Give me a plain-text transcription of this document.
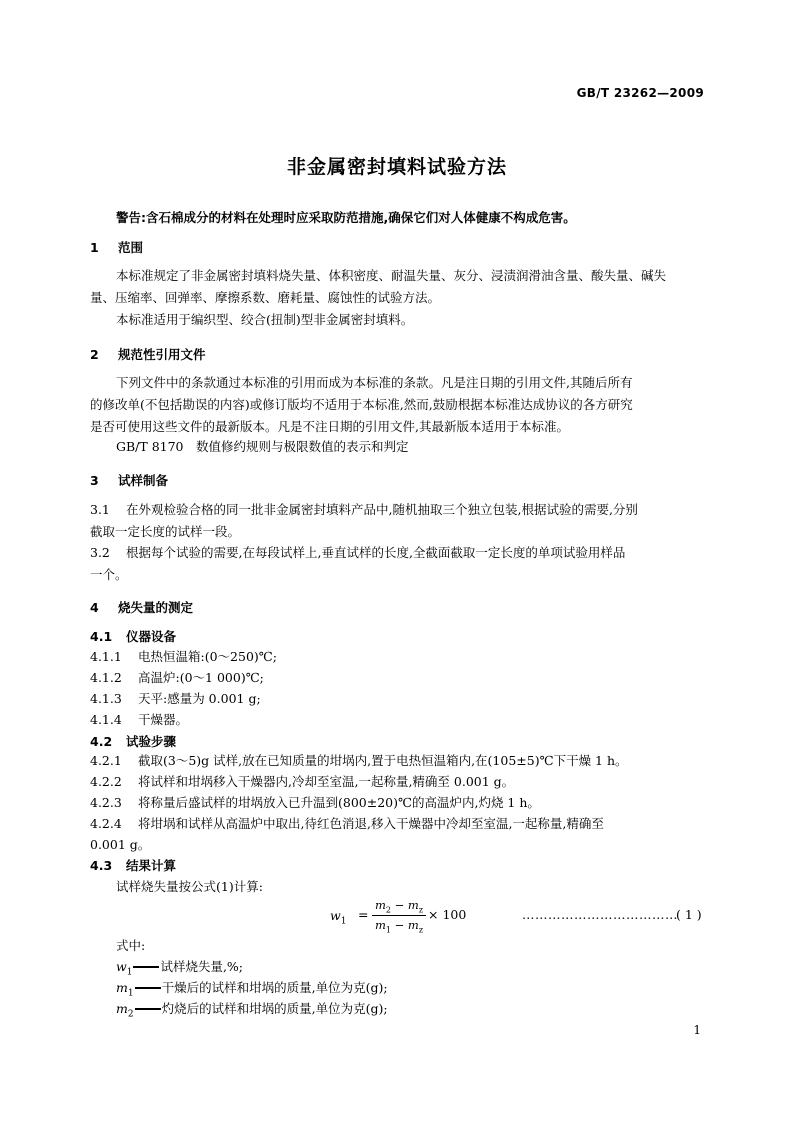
GB/T 23262—2009
非金属密封填料试验方法
警告:含石棉成分的材料在处理时应采取防范措施,确保它们对人体健康不构成危害。
1 范围
本标准规定了非金属密封填料烧失量、体积密度、耐温失量、灰分、浸渍润滑油含量、酸失量、碱失
量、压缩率、回弹率、摩擦系数、磨耗量、腐蚀性的试验方法。
本标准适用于编织型、绞合(扭制)型非金属密封填料。
2 规范性引用文件
下列文件中的条款通过本标准的引用而成为本标准的条款。凡是注日期的引用文件,其随后所有
的修改单(不包括勘误的内容)或修订版均不适用于本标准,然而,鼓励根据本标准达成协议的各方研究
是否可使用这些文件的最新版本。凡是不注日期的引用文件,其最新版本适用于本标准。
GB/T 8170　数值修约规则与极限数值的表示和判定
3 试样制备
3.1 在外观检验合格的同一批非金属密封填料产品中,随机抽取三个独立包装,根据试验的需要,分别
截取一定长度的试样一段。
3.2 根据每个试验的需要,在每段试样上,垂直试样的长度,全截面截取一定长度的单项试验用样品
一个。
4 烧失量的测定
4.1 仪器设备
4.1.1 电热恒温箱:(0～250)℃;
4.1.2 高温炉:(0～1 000)℃;
4.1.3 天平:感量为 0.001 g;
4.1.4 干燥器。
4.2 试验步骤
4.2.1 截取(3～5)g 试样,放在已知质量的坩埚内,置于电热恒温箱内,在(105±5)℃下干燥 1 h。
4.2.2 将试样和坩埚移入干燥器内,冷却至室温,一起称量,精确至 0.001 g。
4.2.3 将称量后盛试样的坩埚放入已升温到(800±20)℃的高温炉内,灼烧 1 h。
4.2.4 将坩埚和试样从高温炉中取出,待红色消退,移入干燥器中冷却至室温,一起称量,精确至
0.001 g。
4.3 结果计算
试样烧失量按公式(1)计算:
$w_1 = \frac{m_2 - m_z}{m_1 - m_z} \times 100$	………………………………
( 1 )
式中:
$w_1$ 试样烧失量,%;
$m_1$ 干燥后的试样和坩埚的质量,单位为克(g);
$m_2$ 灼烧后的试样和坩埚的质量,单位为克(g);
1
